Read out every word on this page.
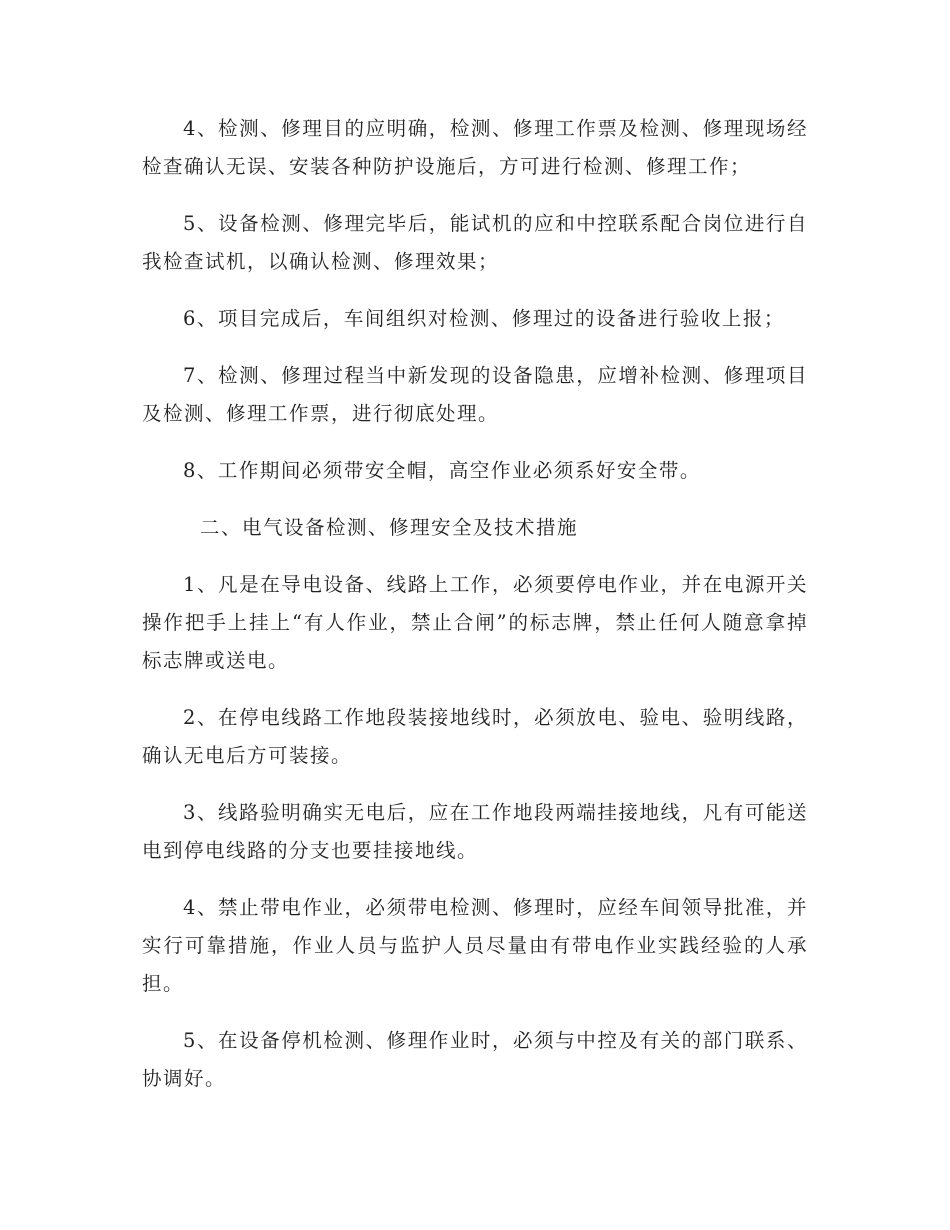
4、检测、修理目的应明确，检测、修理工作票及检测、修理现场经检查确认无误、安装各种防护设施后，方可进行检测、修理工作；

5、设备检测、修理完毕后，能试机的应和中控联系配合岗位进行自我检查试机，以确认检测、修理效果；

6、项目完成后，车间组织对检测、修理过的设备进行验收上报；

7、检测、修理过程当中新发现的设备隐患，应增补检测、修理项目及检测、修理工作票，进行彻底处理。

8、工作期间必须带安全帽，高空作业必须系好安全带。

二、电气设备检测、修理安全及技术措施

1、凡是在导电设备、线路上工作，必须要停电作业，并在电源开关操作把手上挂上“有人作业，禁止合闸”的标志牌，禁止任何人随意拿掉标志牌或送电。

2、在停电线路工作地段装接地线时，必须放电、验电、验明线路，确认无电后方可装接。

3、线路验明确实无电后，应在工作地段两端挂接地线，凡有可能送电到停电线路的分支也要挂接地线。

4、禁止带电作业，必须带电检测、修理时，应经车间领导批准，并实行可靠措施，作业人员与监护人员尽量由有带电作业实践经验的人承担。

5、在设备停机检测、修理作业时，必须与中控及有关的部门联系、协调好。
